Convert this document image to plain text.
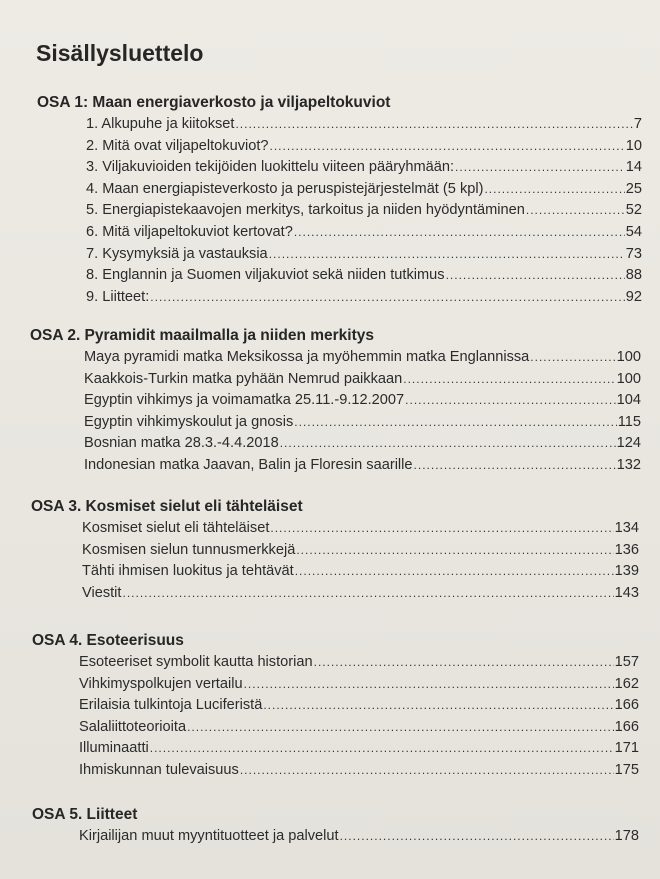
Sisällysluettelo
OSA 1: Maan energiaverkosto ja viljapeltokuviot
1. Alkupuhe ja kiitokset .....	7
2. Mitä ovat viljapeltokuviot? .....	10
3. Viljakuvioiden tekijöiden luokittelu viiteen pääryhmään: .....	14
4. Maan energiapisteverkosto ja peruspistejärjestelmät (5 kpl) .....	25
5. Energiapistekaavojen merkitys, tarkoitus ja niiden hyödyntäminen .....	52
6. Mitä viljapeltokuviot kertovat? .....	54
7. Kysymyksiä ja vastauksia .....	73
8. Englannin ja Suomen viljakuviot sekä niiden tutkimus .....	88
9. Liitteet: .....	92
OSA 2. Pyramidit maailmalla ja niiden merkitys
Maya pyramidi matka Meksikossa ja myöhemmin matka Englannissa .....	100
Kaakkois-Turkin matka pyhään Nemrud paikkaan .....	100
Egyptin vihkimys ja voimamatka 25.11.-9.12.2007 .....	104
Egyptin vihkimyskoulut ja gnosis .....	115
Bosnian matka 28.3.-4.4.2018 .....	124
Indonesian matka Jaavan, Balin ja Floresin saarille .....	132
OSA 3. Kosmiset sielut eli tähteläiset
Kosmiset sielut eli tähteläiset .....	134
Kosmisen sielun tunnusmerkkejä .....	136
Tähti ihmisen luokitus ja tehtävät .....	139
Viestit .....	143
OSA 4. Esoteerisuus
Esoteeriset symbolit kautta historian .....	157
Vihkimyspolkujen vertailu .....	162
Erilaisia tulkintoja Luciferistä .....	166
Salaliittoteorioita .....	166
Illuminaatti .....	171
Ihmiskunnan tulevaisuus .....	175
OSA 5. Liitteet
Kirjailijan muut myyntituotteet ja palvelut .....	178
